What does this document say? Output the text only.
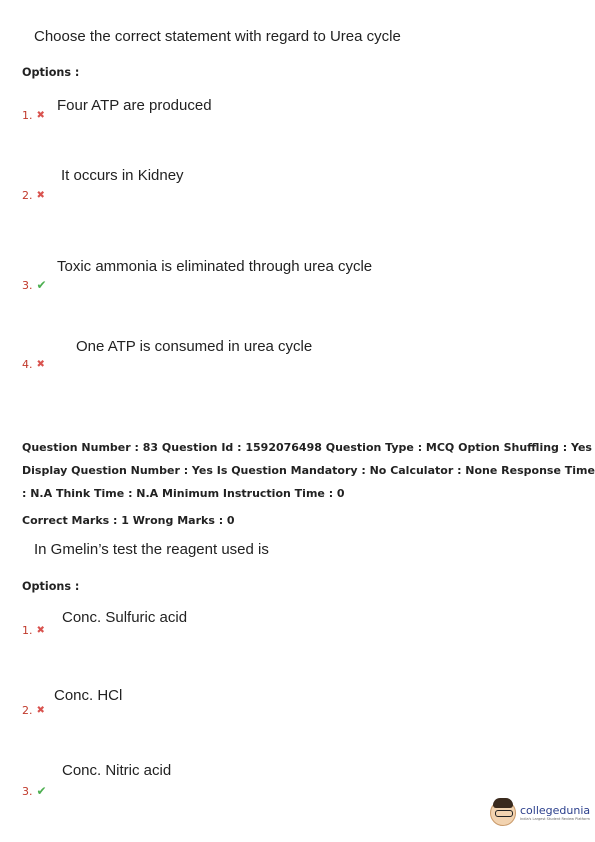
Choose the correct statement with regard to Urea cycle
Options :
Four ATP are produced
1. ✖
It occurs in Kidney
2. ✖
Toxic ammonia is eliminated through urea cycle
3. ✔
One ATP is consumed in urea cycle
4. ✖
Question Number : 83 Question Id : 1592076498 Question Type : MCQ Option Shuffling : Yes
Display Question Number : Yes Is Question Mandatory : No Calculator : None Response Time
: N.A Think Time : N.A Minimum Instruction Time : 0
Correct Marks : 1 Wrong Marks : 0
In Gmelin’s test the reagent used is
Options :
Conc. Sulfuric acid
1. ✖
Conc. HCl
2. ✖
Conc. Nitric acid
3. ✔
collegedunia
India's Largest Student Review Platform
